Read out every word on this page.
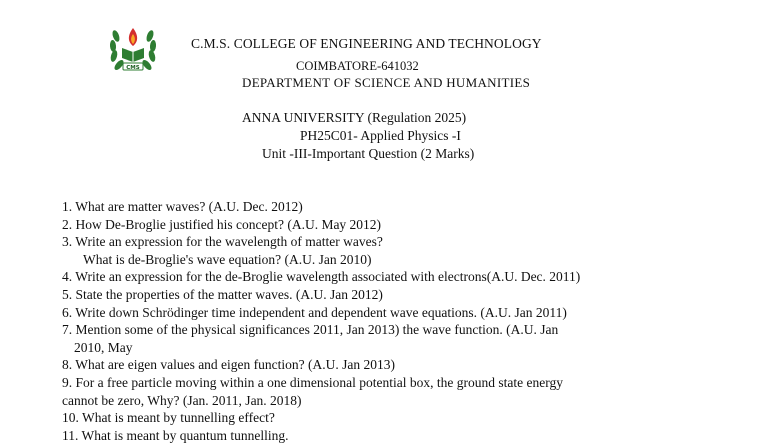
CMS
C.M.S. COLLEGE OF ENGINEERING AND TECHNOLOGY
COIMBATORE-641032
DEPARTMENT OF SCIENCE AND HUMANITIES
ANNA UNIVERSITY (Regulation 2025)
PH25C01- Applied Physics -I
Unit -III-Important Question (2 Marks)
1. What are matter waves? (A.U. Dec. 2012)
2. How De-Broglie justified his concept? (A.U. May 2012)
3. Write an expression for the wavelength of matter waves?
What is de-Broglie's wave equation? (A.U. Jan 2010)
4. Write an expression for the de-Broglie wavelength associated with electrons(A.U. Dec. 2011)
5. State the properties of the matter waves. (A.U. Jan 2012)
6. Write down Schrödinger time independent and dependent wave equations. (A.U. Jan 2011)
7. Mention some of the physical significances 2011, Jan 2013) the wave function. (A.U. Jan
2010, May
8. What are eigen values and eigen function? (A.U. Jan 2013)
9. For a free particle moving within a one dimensional potential box, the ground state energy
cannot be zero, Why? (Jan. 2011, Jan. 2018)
10. What is meant by tunnelling effect?
11. What is meant by quantum tunnelling.
